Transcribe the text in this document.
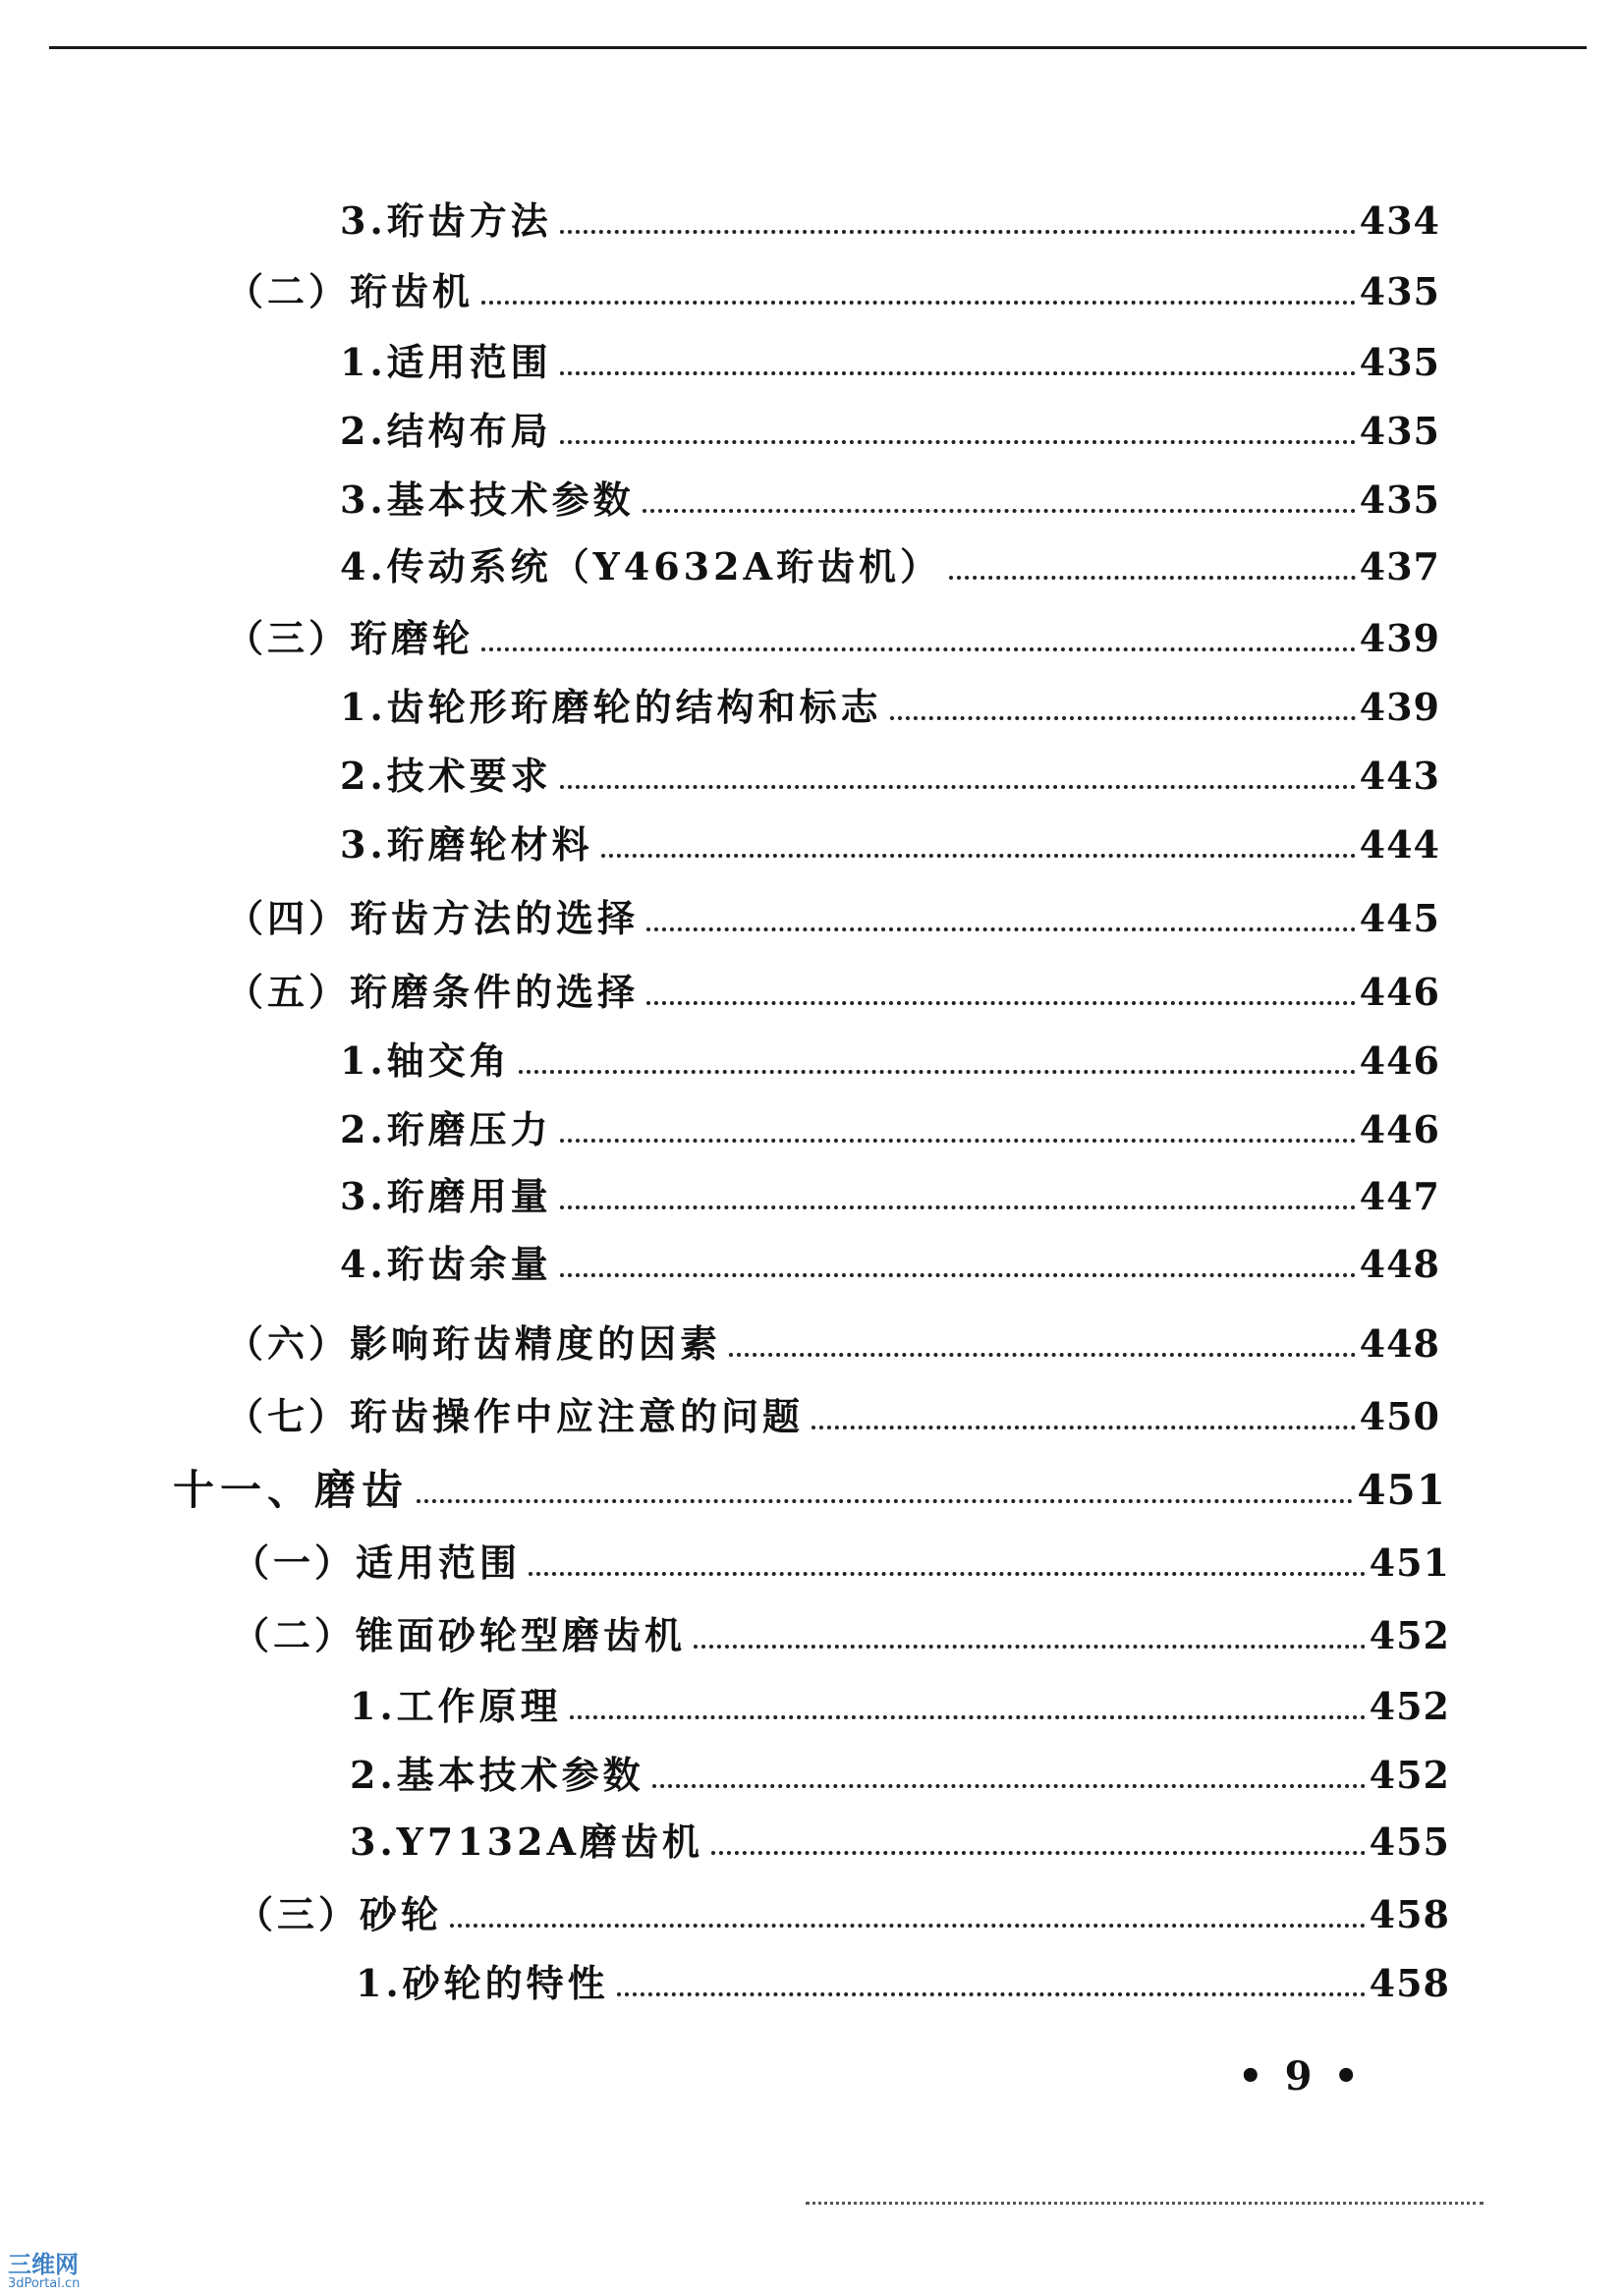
3.珩齿方法	434
（二）珩齿机	435
1.适用范围	435
2.结构布局	435
3.基本技术参数	435
4.传动系统（Y4632A珩齿机）	437
（三）珩磨轮	439
1.齿轮形珩磨轮的结构和标志	439
2.技术要求	443
3.珩磨轮材料	444
（四）珩齿方法的选择	445
（五）珩磨条件的选择	446
1.轴交角	446
2.珩磨压力	446
3.珩磨用量	447
4.珩齿余量	448
（六）影响珩齿精度的因素	448
（七）珩齿操作中应注意的问题	450
十一、磨齿	451
（一）适用范围	451
（二）锥面砂轮型磨齿机	452
1.工作原理	452
2.基本技术参数	452
3.Y7132A磨齿机	455
（三）砂轮	458
1.砂轮的特性	458
•9•
三维网
3dPortal.cn
